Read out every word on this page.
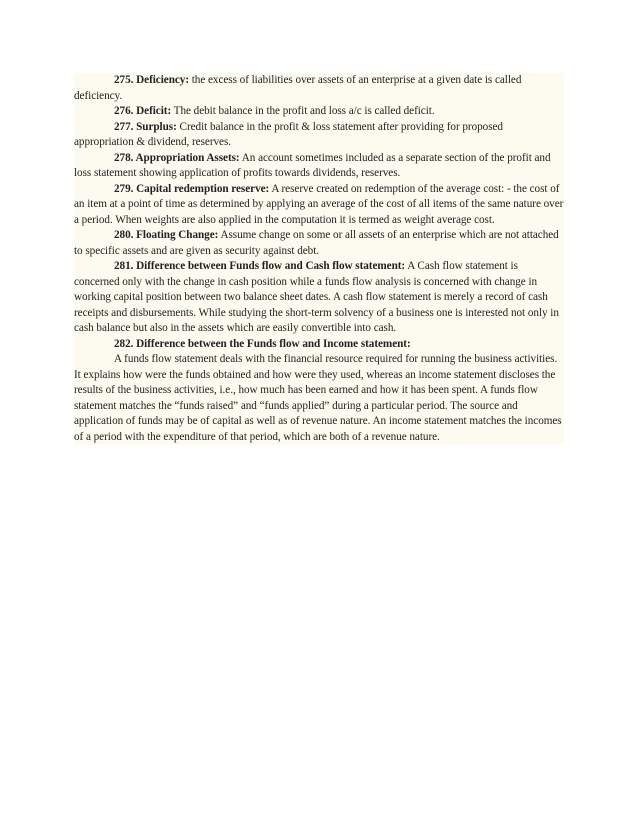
275. Deficiency: the excess of liabilities over assets of an enterprise at a given date is called deficiency.

276. Deficit: The debit balance in the profit and loss a/c is called deficit.

277. Surplus: Credit balance in the profit & loss statement after providing for proposed appropriation & dividend, reserves.

278. Appropriation Assets: An account sometimes included as a separate section of the profit and loss statement showing application of profits towards dividends, reserves.

279. Capital redemption reserve: A reserve created on redemption of the average cost: - the cost of an item at a point of time as determined by applying an average of the cost of all items of the same nature over a period. When weights are also applied in the computation it is termed as weight average cost.

280. Floating Change: Assume change on some or all assets of an enterprise which are not attached to specific assets and are given as security against debt.

281. Difference between Funds flow and Cash flow statement: A Cash flow statement is concerned only with the change in cash position while a funds flow analysis is concerned with change in working capital position between two balance sheet dates. A cash flow statement is merely a record of cash receipts and disbursements. While studying the short-term solvency of a business one is interested not only in cash balance but also in the assets which are easily convertible into cash.

282. Difference between the Funds flow and Income statement:

A funds flow statement deals with the financial resource required for running the business activities. It explains how were the funds obtained and how were they used, whereas an income statement discloses the results of the business activities, i.e., how much has been earned and how it has been spent. A funds flow statement matches the “funds raised” and “funds applied” during a particular period. The source and application of funds may be of capital as well as of revenue nature. An income statement matches the incomes of a period with the expenditure of that period, which are both of a revenue nature.
